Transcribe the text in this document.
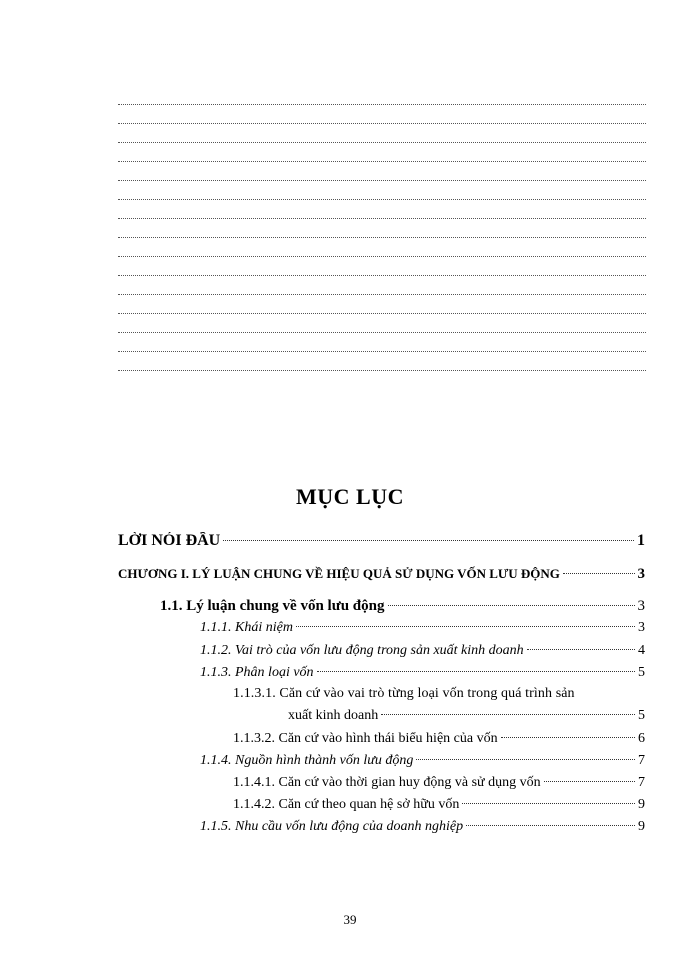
MỤC LỤC
LỜI NÓI ĐẦU	1
CHƯƠNG I. LÝ LUẬN CHUNG VỀ HIỆU QUẢ SỬ DỤNG VỐN LƯU ĐỘNG	3
1.1. Lý luận chung về vốn lưu động	3
1.1.1. Khái niệm	3
1.1.2. Vai trò của vốn lưu động trong sản xuất kinh doanh	4
1.1.3. Phân loại vốn	5
1.1.3.1. Căn cứ vào vai trò từng loại vốn trong quá trình sản
xuất kinh doanh	5
1.1.3.2. Căn cứ vào hình thái biểu hiện của vốn	6
1.1.4. Nguồn hình thành vốn lưu động	7
1.1.4.1. Căn cứ vào thời gian huy động và sử dụng vốn	7
1.1.4.2. Căn cứ theo quan hệ sở hữu vốn	9
1.1.5. Nhu cầu vốn lưu động của doanh nghiệp	9
39
